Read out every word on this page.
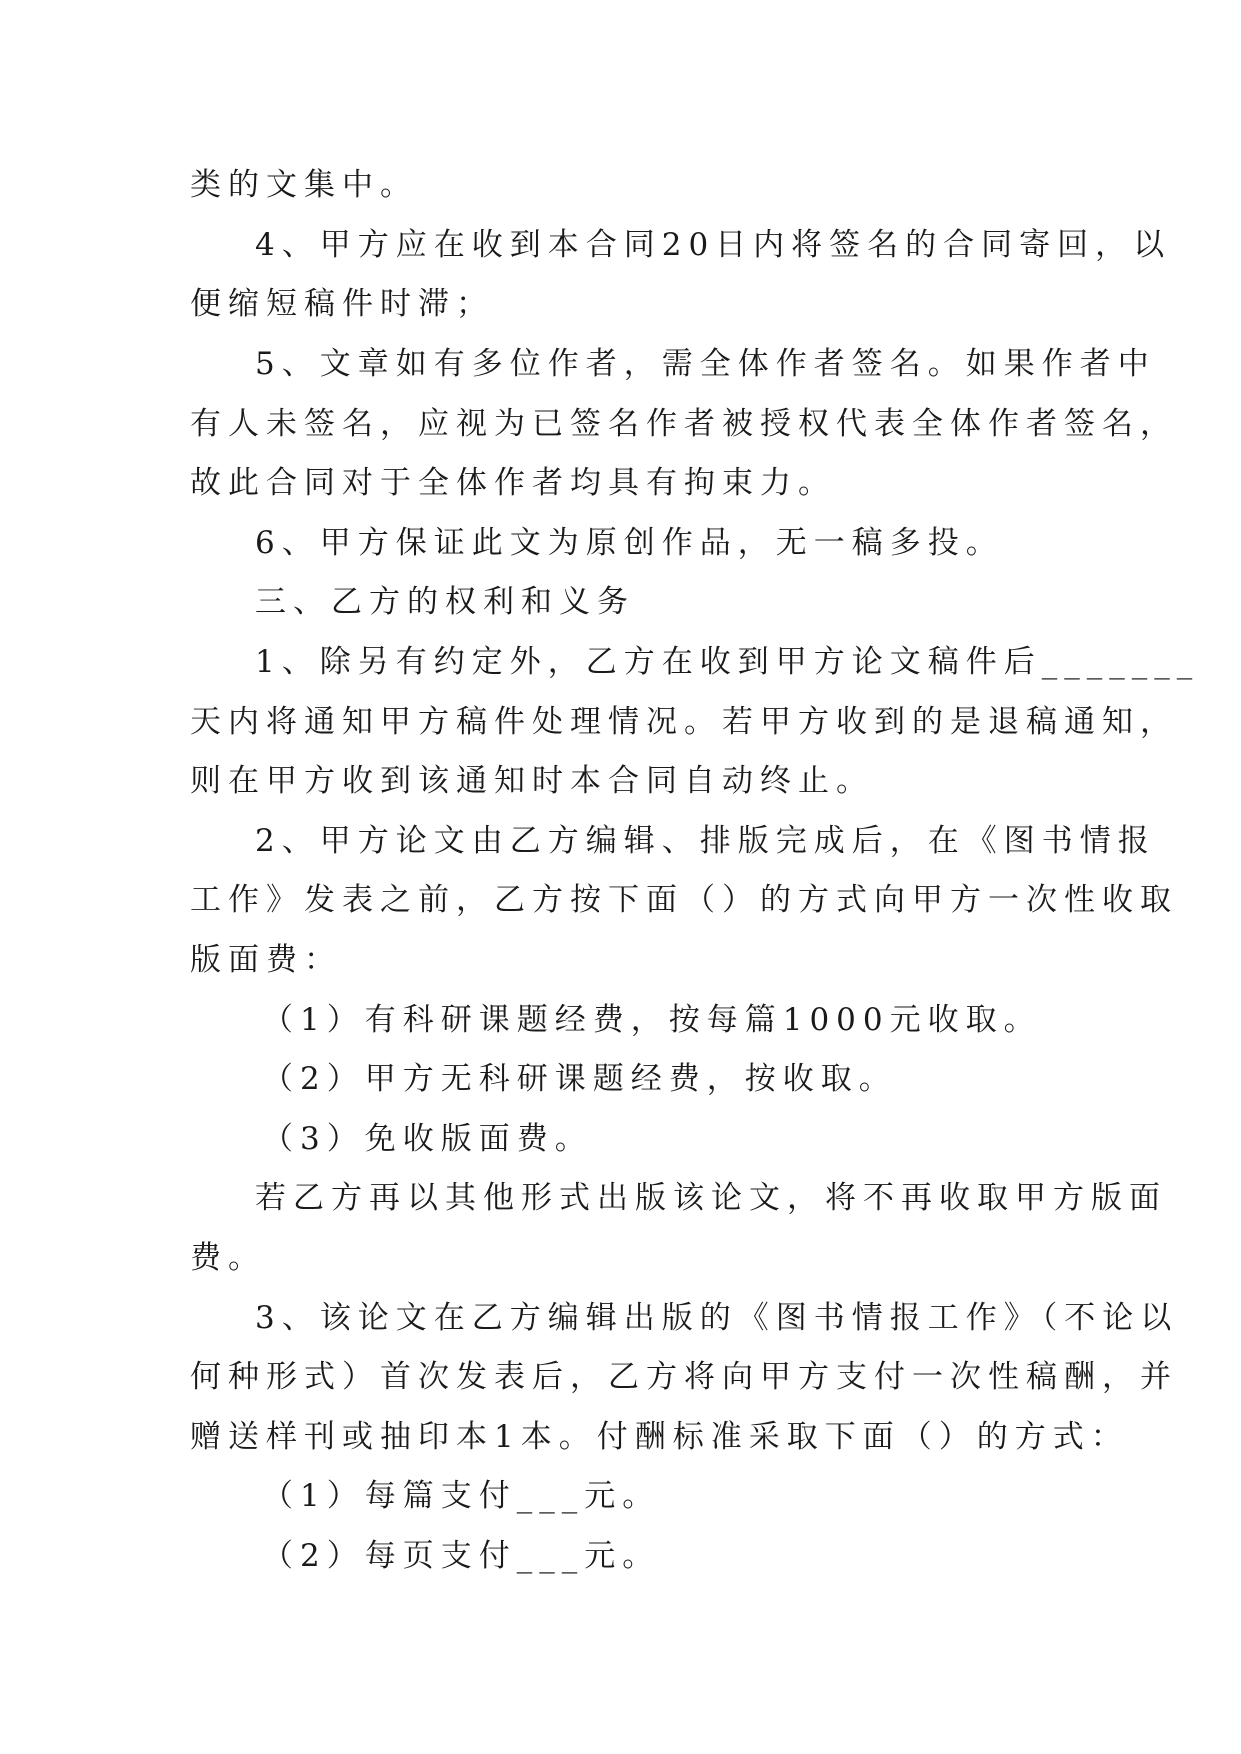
类的文集中。
4、甲方应在收到本合同20日内将签名的合同寄回，以
便缩短稿件时滞；
5、文章如有多位作者，需全体作者签名。如果作者中
有人未签名，应视为已签名作者被授权代表全体作者签名，
故此合同对于全体作者均具有拘束力。
6、甲方保证此文为原创作品，无一稿多投。
三、乙方的权利和义务
1、除另有约定外，乙方在收到甲方论文稿件后_______
天内将通知甲方稿件处理情况。若甲方收到的是退稿通知，
则在甲方收到该通知时本合同自动终止。
2、甲方论文由乙方编辑、排版完成后，在《图书情报
工作》发表之前，乙方按下面（）的方式向甲方一次性收取
版面费：
（1）有科研课题经费，按每篇1000元收取。
（2）甲方无科研课题经费，按收取。
（3）免收版面费。
若乙方再以其他形式出版该论文，将不再收取甲方版面
费。
3、该论文在乙方编辑出版的《图书情报工作》（不论以
何种形式）首次发表后，乙方将向甲方支付一次性稿酬，并
赠送样刊或抽印本1本。付酬标准采取下面（）的方式：
（1）每篇支付___元。
（2）每页支付___元。
